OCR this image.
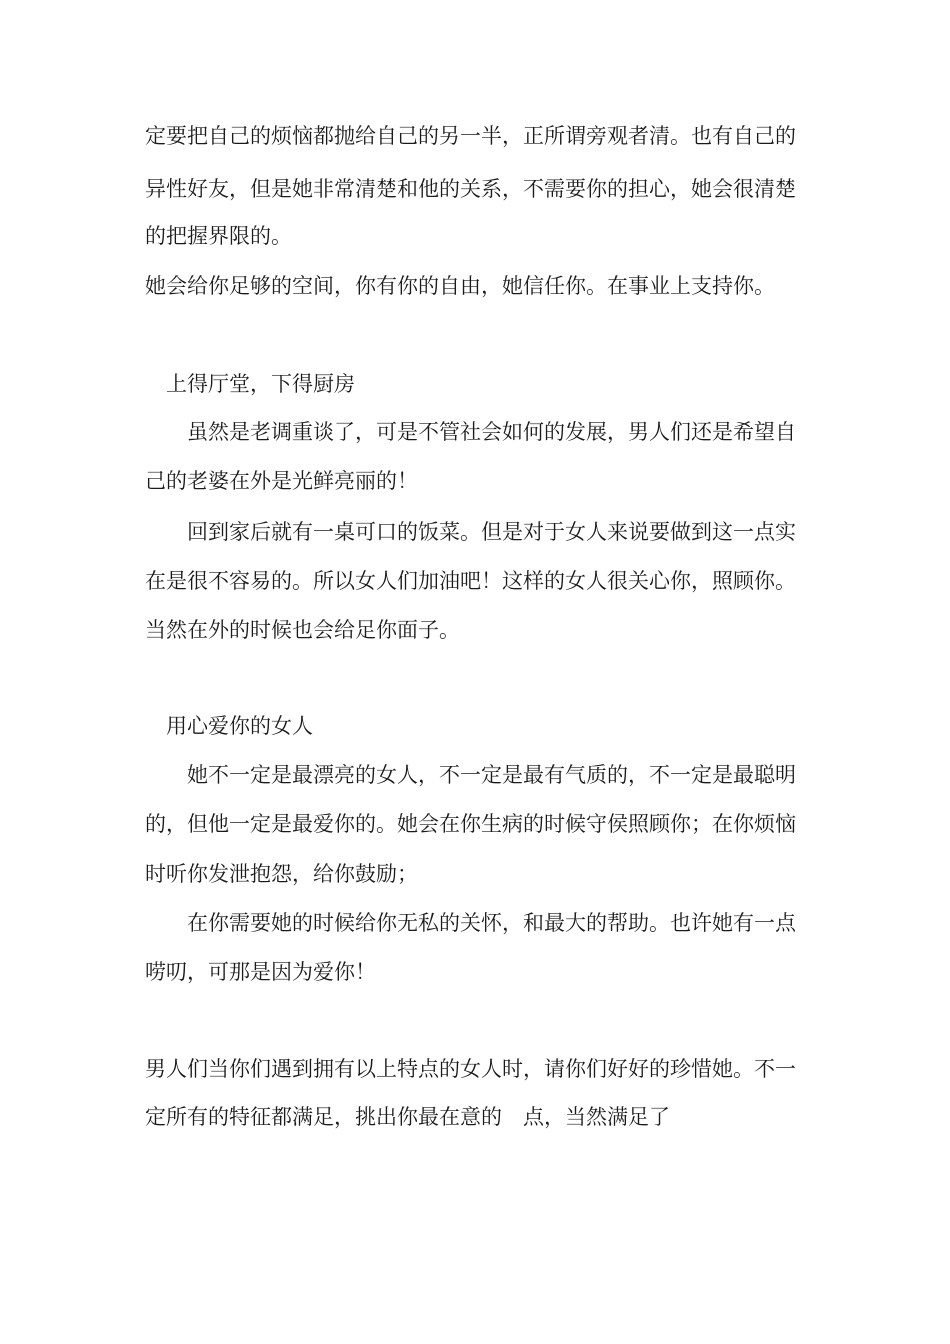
定要把自己的烦恼都抛给自己的另一半，正所谓旁观者清。也有自己的

异性好友，但是她非常清楚和他的关系，不需要你的担心，她会很清楚

的把握界限的。

她会给你足够的空间，你有你的自由，她信任你。在事业上支持你。

上得厅堂，下得厨房

虽然是老调重谈了，可是不管社会如何的发展，男人们还是希望自

己的老婆在外是光鲜亮丽的！

回到家后就有一桌可口的饭菜。但是对于女人来说要做到这一点实

在是很不容易的。所以女人们加油吧！这样的女人很关心你，照顾你。

当然在外的时候也会给足你面子。

用心爱你的女人

她不一定是最漂亮的女人，不一定是最有气质的，不一定是最聪明

的，但他一定是最爱你的。她会在你生病的时候守侯照顾你；在你烦恼

时听你发泄抱怨，给你鼓励；

在你需要她的时候给你无私的关怀，和最大的帮助。也许她有一点

唠叨，可那是因为爱你！

男人们当你们遇到拥有以上特点的女人时，请你们好好的珍惜她。不一

定所有的特征都满足，挑出你最在意的　点，当然满足了
